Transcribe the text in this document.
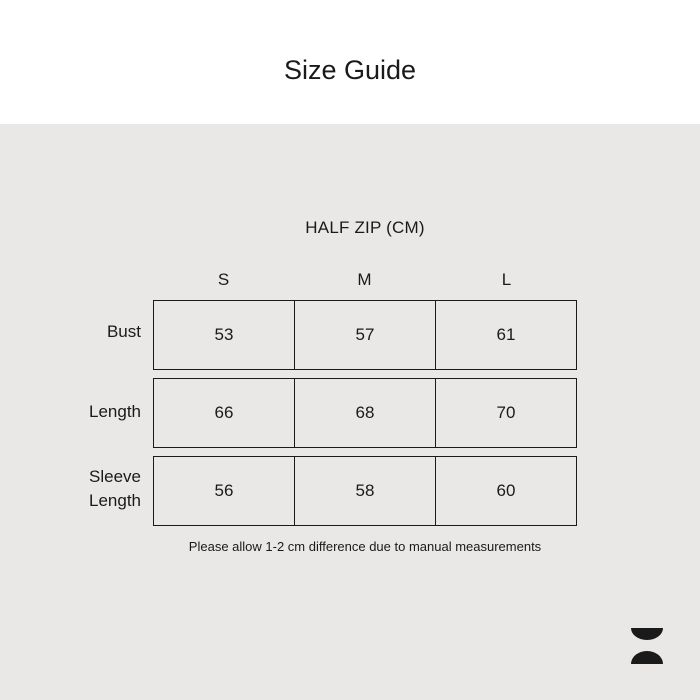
Size Guide
HALF ZIP (CM)
S	M	L
Bust	53	57	61
Length	66	68	70
Sleeve
Length
56	58	60
Please allow 1-2 cm difference due to manual measurements
